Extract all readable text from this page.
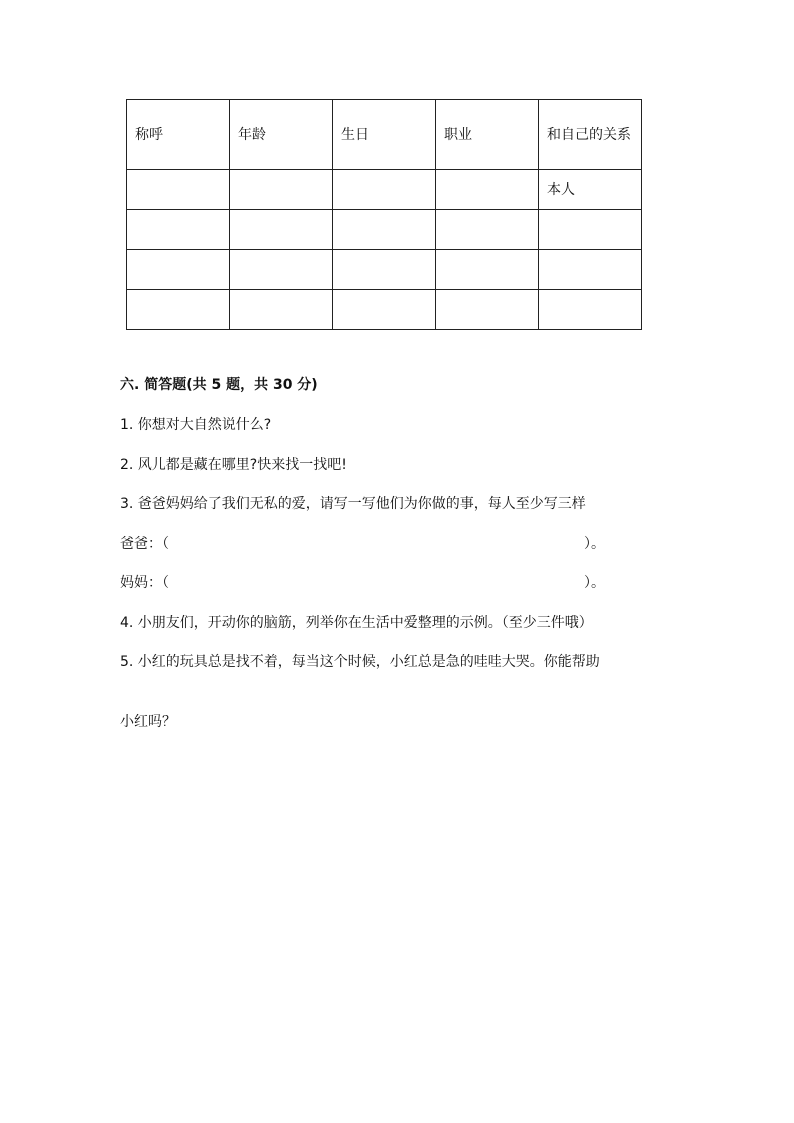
称呼	年龄	生日	职业	和自己的关系
				本人

六. 简答题(共 5 题，共 30 分)
1. 你想对大自然说什么?
2. 风儿都是藏在哪里?快来找一找吧!
3. 爸爸妈妈给了我们无私的爱，请写一写他们为你做的事，每人至少写三样
爸爸：（	）。
妈妈：（	）。
4. 小朋友们，开动你的脑筋，列举你在生活中爱整理的示例。（至少三件哦）
5. 小红的玩具总是找不着，每当这个时候，小红总是急的哇哇大哭。你能帮助
小红吗？
